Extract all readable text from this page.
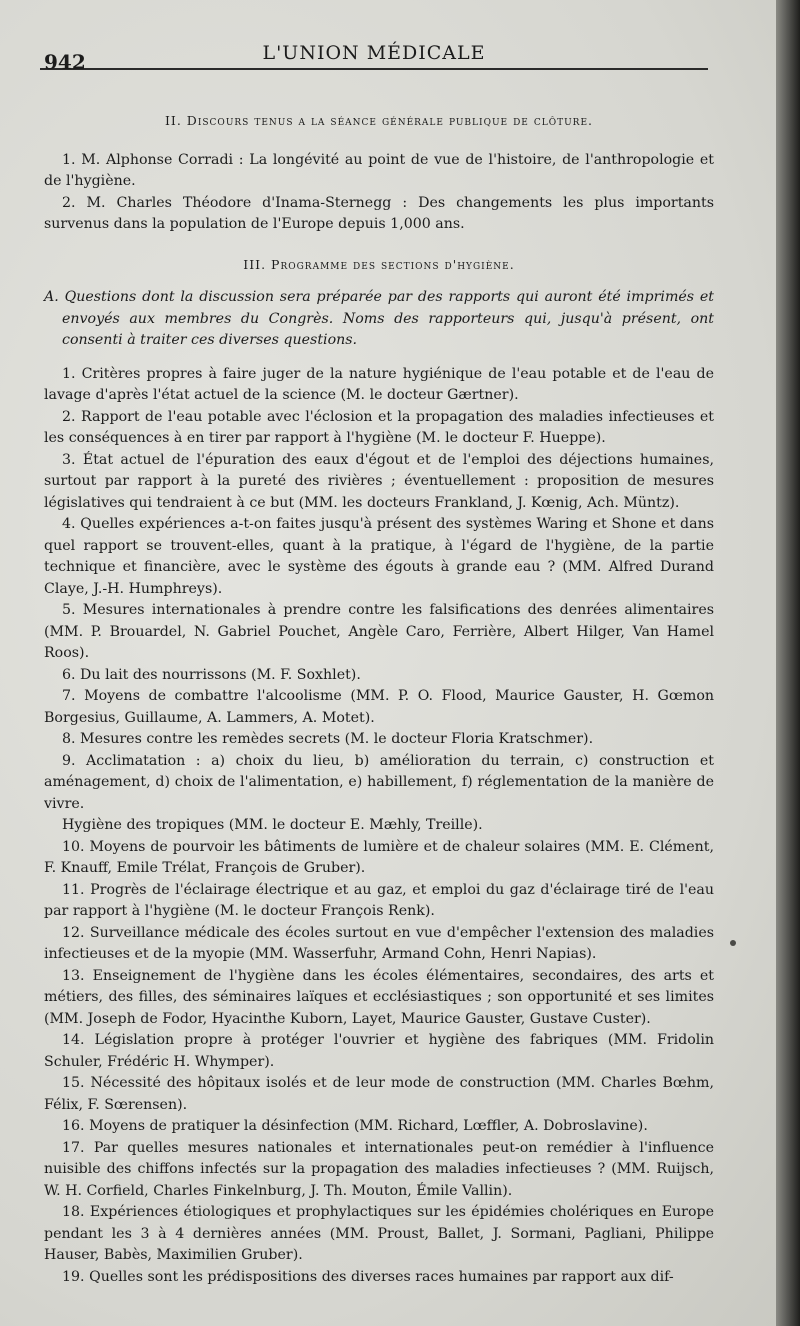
942	L'UNION MÉDICALE
II. Discours tenus a la séance générale publique de clôture.

1. M. Alphonse Corradi : La longévité au point de vue de l'histoire, de l'anthropologie et de l'hygiène.

2. M. Charles Théodore d'Inama-Sternegg : Des changements les plus importants survenus dans la population de l'Europe depuis 1,000 ans.

III. Programme des sections d'hygiène.

A. Questions dont la discussion sera préparée par des rapports qui auront été imprimés et envoyés aux membres du Congrès. Noms des rapporteurs qui, jusqu'à présent, ont consenti à traiter ces diverses questions.

1. Critères propres à faire juger de la nature hygiénique de l'eau potable et de l'eau de lavage d'après l'état actuel de la science (M. le docteur Gærtner).

2. Rapport de l'eau potable avec l'éclosion et la propagation des maladies infectieuses et les conséquences à en tirer par rapport à l'hygiène (M. le docteur F. Hueppe).

3. État actuel de l'épuration des eaux d'égout et de l'emploi des déjections humaines, surtout par rapport à la pureté des rivières ; éventuellement : proposition de mesures législatives qui tendraient à ce but (MM. les docteurs Frankland, J. Kœnig, Ach. Müntz).

4. Quelles expériences a-t-on faites jusqu'à présent des systèmes Waring et Shone et dans quel rapport se trouvent-elles, quant à la pratique, à l'égard de l'hygiène, de la partie technique et financière, avec le système des égouts à grande eau ? (MM. Alfred Durand Claye, J.-H. Humphreys).

5. Mesures internationales à prendre contre les falsifications des denrées alimentaires (MM. P. Brouardel, N. Gabriel Pouchet, Angèle Caro, Ferrière, Albert Hilger, Van Hamel Roos).

6. Du lait des nourrissons (M. F. Soxhlet).

7. Moyens de combattre l'alcoolisme (MM. P. O. Flood, Maurice Gauster, H. Gœmon Borgesius, Guillaume, A. Lammers, A. Motet).

8. Mesures contre les remèdes secrets (M. le docteur Floria Kratschmer).

9. Acclimatation : a) choix du lieu, b) amélioration du terrain, c) construction et aménagement, d) choix de l'alimentation, e) habillement, f) réglementation de la manière de vivre.

Hygiène des tropiques (MM. le docteur E. Mæhly, Treille).

10. Moyens de pourvoir les bâtiments de lumière et de chaleur solaires (MM. E. Clément, F. Knauff, Emile Trélat, François de Gruber).

11. Progrès de l'éclairage électrique et au gaz, et emploi du gaz d'éclairage tiré de l'eau par rapport à l'hygiène (M. le docteur François Renk).

12. Surveillance médicale des écoles surtout en vue d'empêcher l'extension des maladies infectieuses et de la myopie (MM. Wasserfuhr, Armand Cohn, Henri Napias).

13. Enseignement de l'hygiène dans les écoles élémentaires, secondaires, des arts et métiers, des filles, des séminaires laïques et ecclésiastiques ; son opportunité et ses limites (MM. Joseph de Fodor, Hyacinthe Kuborn, Layet, Maurice Gauster, Gustave Custer).

14. Législation propre à protéger l'ouvrier et hygiène des fabriques (MM. Fridolin Schuler, Frédéric H. Whymper).

15. Nécessité des hôpitaux isolés et de leur mode de construction (MM. Charles Bœhm, Félix, F. Sœrensen).

16. Moyens de pratiquer la désinfection (MM. Richard, Lœffler, A. Dobroslavine).

17. Par quelles mesures nationales et internationales peut-on remédier à l'influence nuisible des chiffons infectés sur la propagation des maladies infectieuses ? (MM. Ruijsch, W. H. Corfield, Charles Finkelnburg, J. Th. Mouton, Émile Vallin).

18. Expériences étiologiques et prophylactiques sur les épidémies cholériques en Europe pendant les 3 à 4 dernières années (MM. Proust, Ballet, J. Sormani, Pagliani, Philippe Hauser, Babès, Maximilien Gruber).

19. Quelles sont les prédispositions des diverses races humaines par rapport aux dif-
